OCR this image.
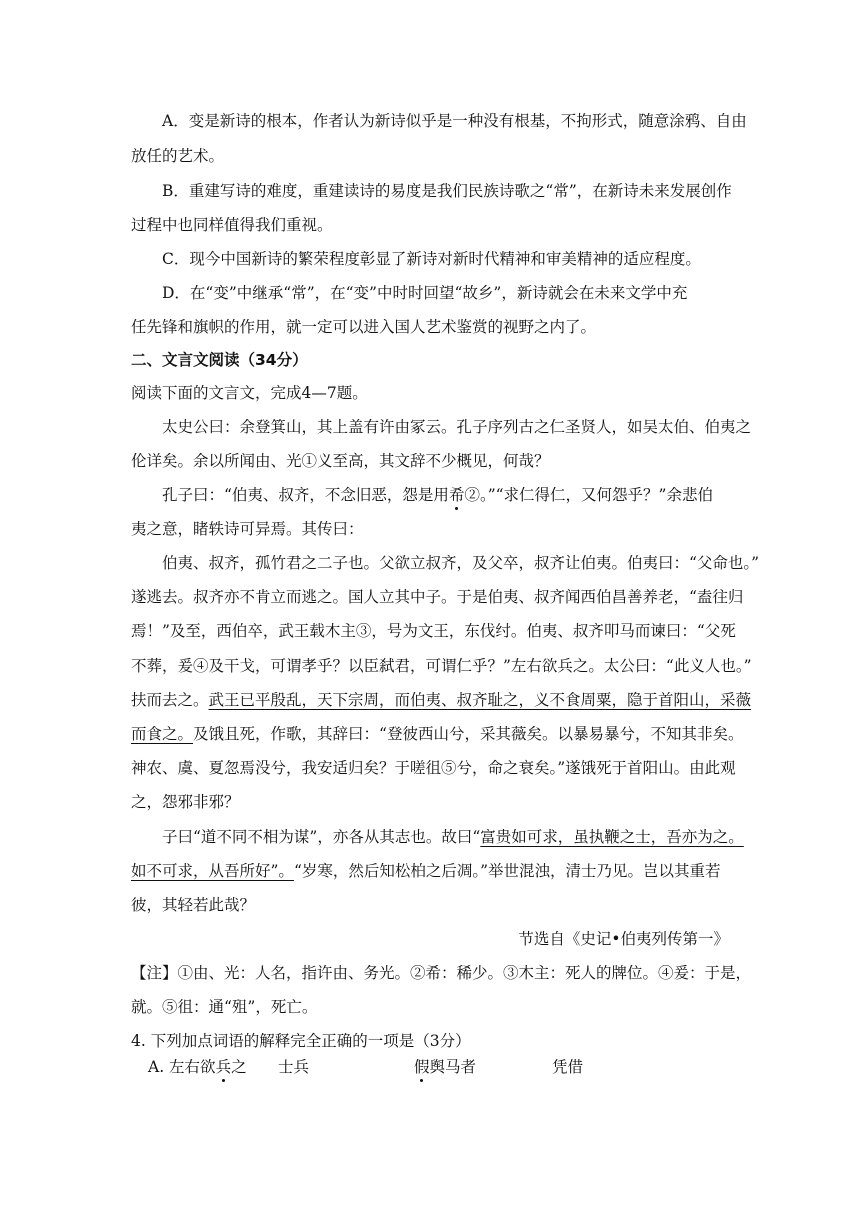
A．变是新诗的根本，作者认为新诗似乎是一种没有根基，不拘形式，随意涂鸦、自由
放任的艺术。
B．重建写诗的难度，重建读诗的易度是我们民族诗歌之“常”，在新诗未来发展创作
过程中也同样值得我们重视。
C．现今中国新诗的繁荣程度彰显了新诗对新时代精神和审美精神的适应程度。
D．在“变”中继承“常”，在“变”中时时回望“故乡”，新诗就会在未来文学中充
任先锋和旗帜的作用，就一定可以进入国人艺术鉴赏的视野之内了。
二、文言文阅读（34分）
阅读下面的文言文，完成4—7题。
太史公曰：余登箕山，其上盖有许由冢云。孔子序列古之仁圣贤人，如吴太伯、伯夷之
伦详矣。余以所闻由、光①义至高，其文辞不少概见，何哉？
孔子曰：“伯夷、叔齐，不念旧恶，怨是用希②。”“求仁得仁，又何怨乎？”余悲伯
夷之意，睹轶诗可异焉。其传曰：
伯夷、叔齐，孤竹君之二子也。父欲立叔齐，及父卒，叔齐让伯夷。伯夷曰：“父命也。”
遂逃去。叔齐亦不肯立而逃之。国人立其中子。于是伯夷、叔齐闻西伯昌善养老，“盍往归
焉！”及至，西伯卒，武王载木主③，号为文王，东伐纣。伯夷、叔齐叩马而谏曰：“父死
不葬，爰④及干戈，可谓孝乎？以臣弑君，可谓仁乎？”左右欲兵之。太公曰：“此义人也。”
扶而去之。武王已平殷乱，天下宗周，而伯夷、叔齐耻之，义不食周粟，隐于首阳山，采薇
而食之。及饿且死，作歌，其辞曰：“登彼西山兮，采其薇矣。以暴易暴兮，不知其非矣。
神农、虞、夏忽焉没兮，我安适归矣？于嗟徂⑤兮，命之衰矣。”遂饿死于首阳山。由此观
之，怨邪非邪？
子曰“道不同不相为谋”，亦各从其志也。故曰“富贵如可求，虽执鞭之士，吾亦为之。
如不可求，从吾所好”。“岁寒，然后知松柏之后凋。”举世混浊，清士乃见。岂以其重若
彼，其轻若此哉？
节选自《史记•伯夷列传第一》
【注】①由、光：人名，指许由、务光。②希：稀少。③木主：死人的牌位。④爰：于是，
就。⑤徂：通“殂”，死亡。
4. 下列加点词语的解释完全正确的一项是（3分）
A. 左右欲兵之 士兵	假舆马者	凭借
